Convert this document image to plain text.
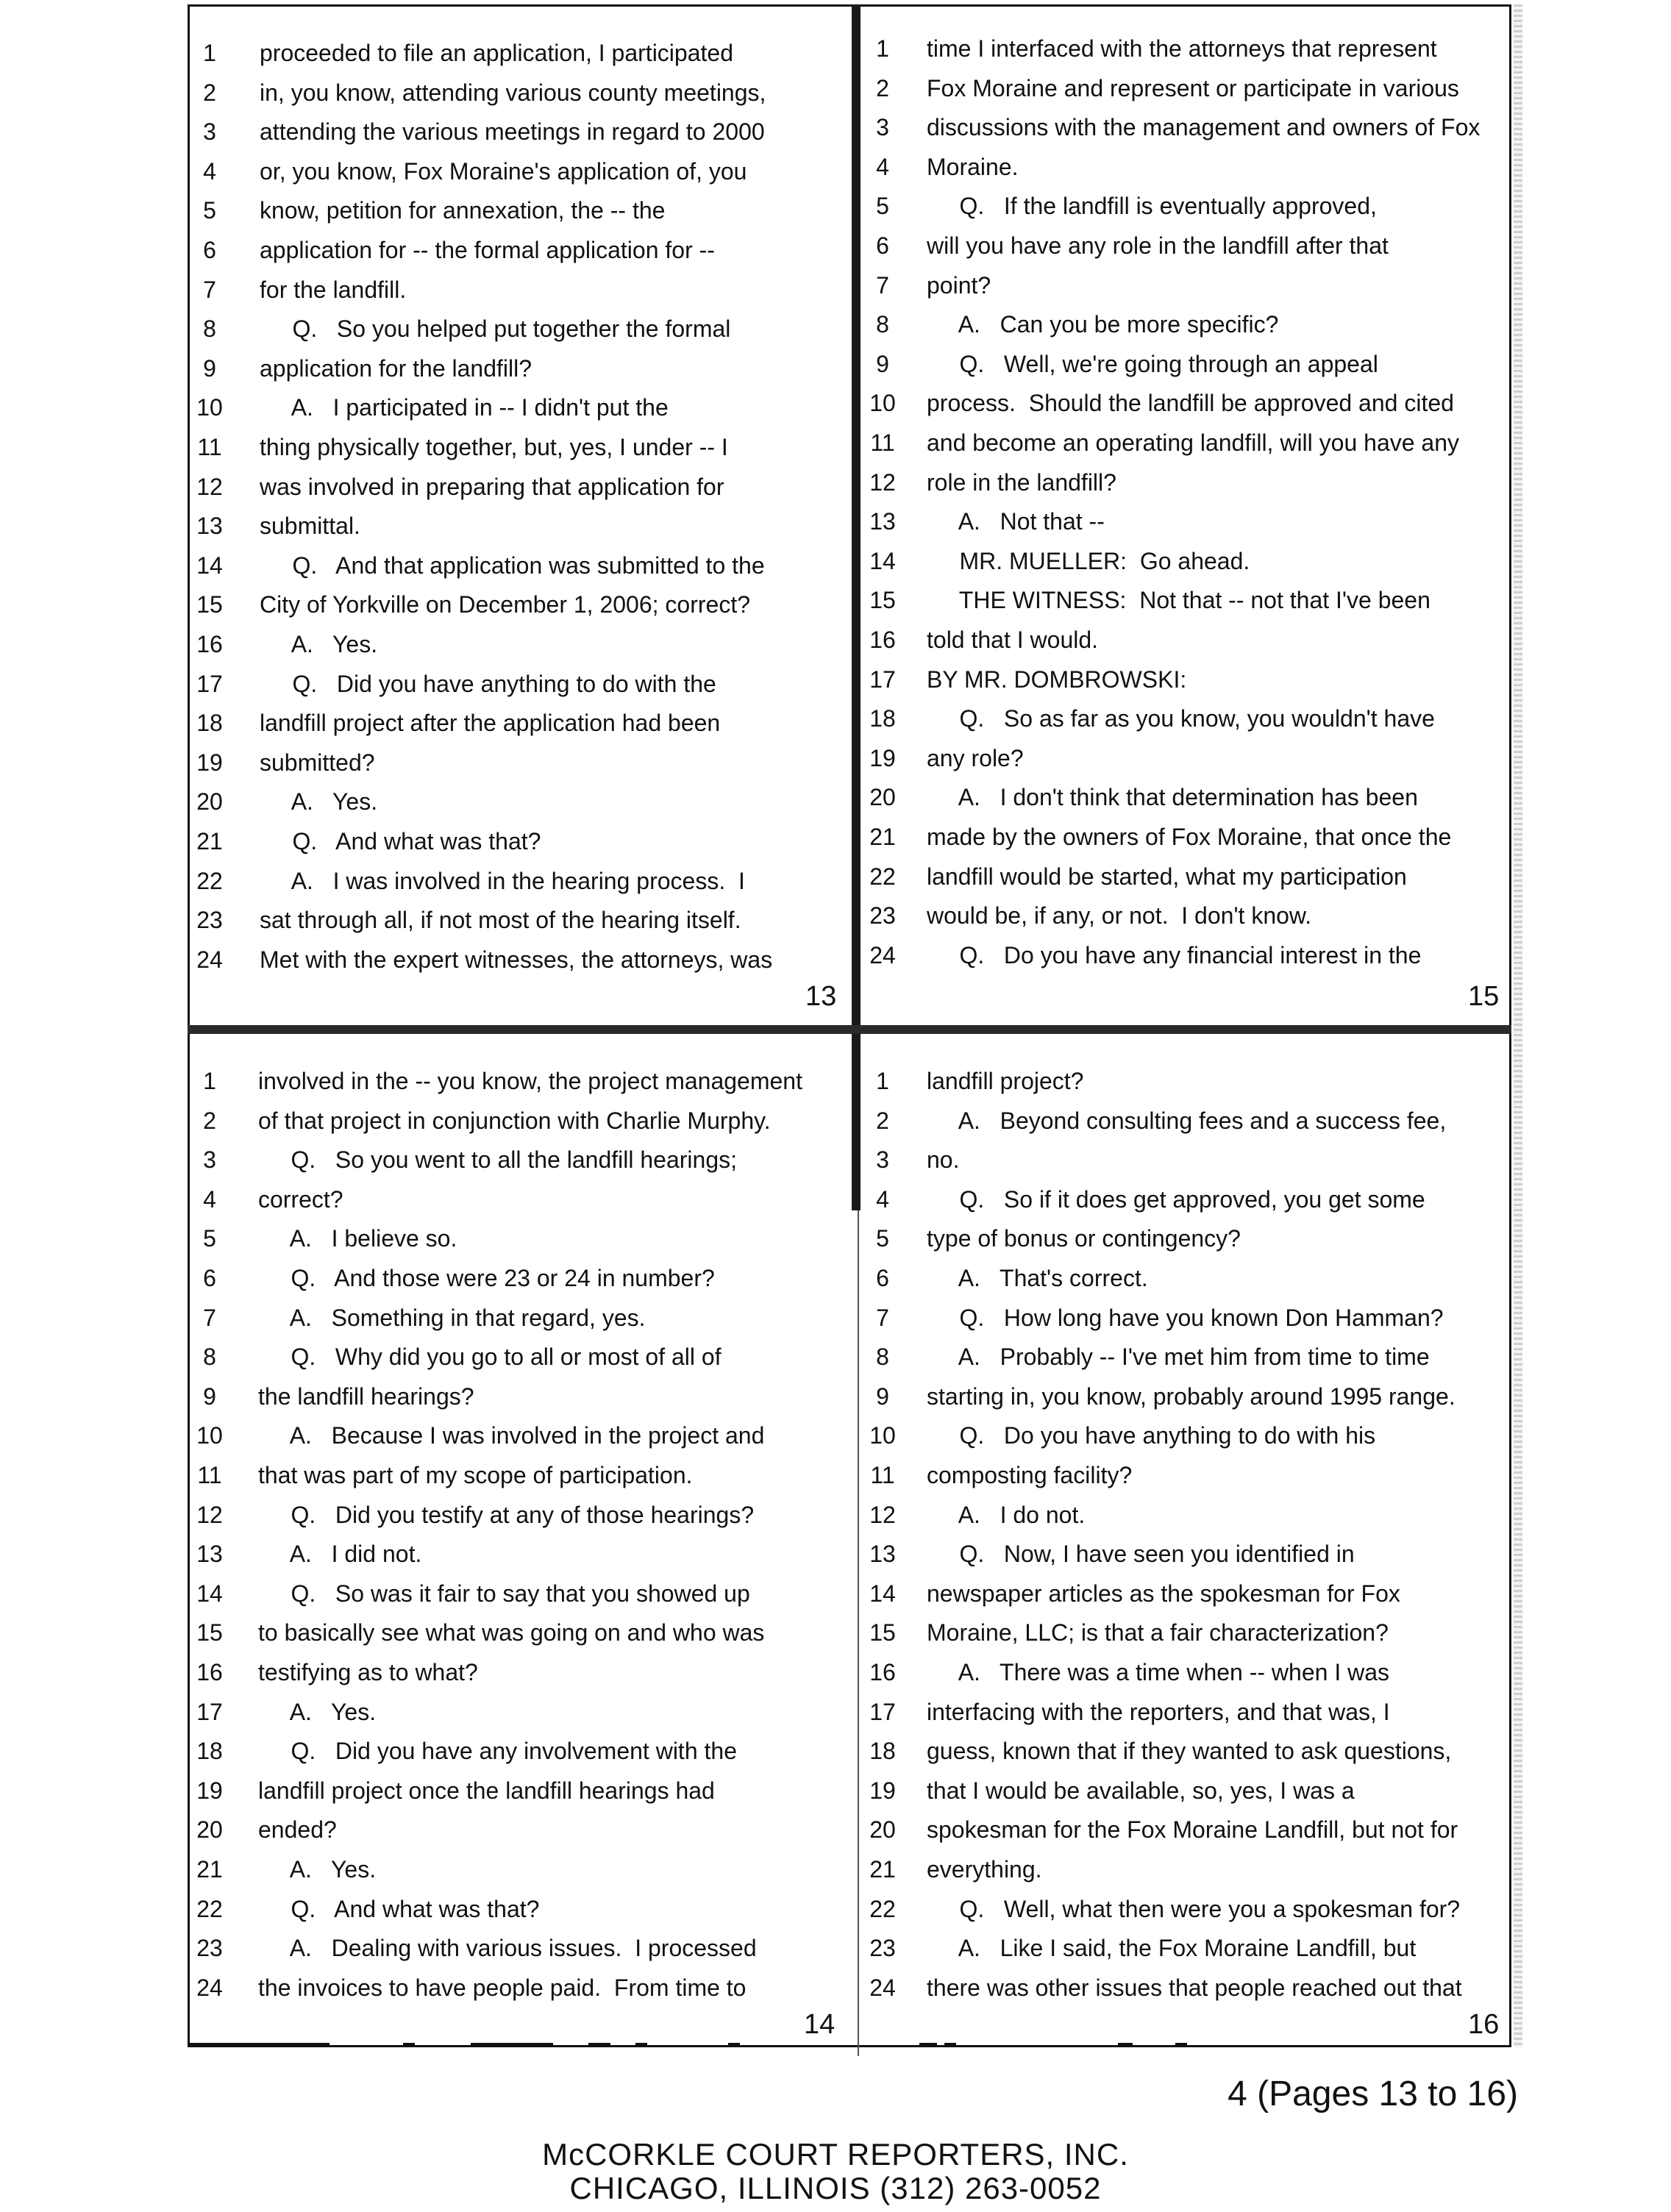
13
1	proceeded to file an application, I participated
2	in, you know, attending various county meetings,
3	attending the various meetings in regard to 2000
4	or, you know, Fox Moraine's application of, you
5	know, petition for annexation, the -- the
6	application for -- the formal application for --
7	for the landfill.
8	Q.   So you helped put together the formal
9	application for the landfill?
10	A.   I participated in -- I didn't put the
11	thing physically together, but, yes, I under -- I
12	was involved in preparing that application for
13	submittal.
14	Q.   And that application was submitted to the
15	City of Yorkville on December 1, 2006; correct?
16	A.   Yes.
17	Q.   Did you have anything to do with the
18	landfill project after the application had been
19	submitted?
20	A.   Yes.
21	Q.   And what was that?
22	A.   I was involved in the hearing process.  I
23	sat through all, if not most of the hearing itself.
24	Met with the expert witnesses, the attorneys, was
15
1	time I interfaced with the attorneys that represent
2	Fox Moraine and represent or participate in various
3	discussions with the management and owners of Fox
4	Moraine.
5	Q.   If the landfill is eventually approved,
6	will you have any role in the landfill after that
7	point?
8	A.   Can you be more specific?
9	Q.   Well, we're going through an appeal
10	process.  Should the landfill be approved and cited
11	and become an operating landfill, will you have any
12	role in the landfill?
13	A.   Not that --
14	MR. MUELLER:  Go ahead.
15	THE WITNESS:  Not that -- not that I've been
16	told that I would.
17	BY MR. DOMBROWSKI:
18	Q.   So as far as you know, you wouldn't have
19	any role?
20	A.   I don't think that determination has been
21	made by the owners of Fox Moraine, that once the
22	landfill would be started, what my participation
23	would be, if any, or not.  I don't know.
24	Q.   Do you have any financial interest in the
14
1	involved in the -- you know, the project management
2	of that project in conjunction with Charlie Murphy.
3	Q.   So you went to all the landfill hearings;
4	correct?
5	A.   I believe so.
6	Q.   And those were 23 or 24 in number?
7	A.   Something in that regard, yes.
8	Q.   Why did you go to all or most of all of
9	the landfill hearings?
10	A.   Because I was involved in the project and
11	that was part of my scope of participation.
12	Q.   Did you testify at any of those hearings?
13	A.   I did not.
14	Q.   So was it fair to say that you showed up
15	to basically see what was going on and who was
16	testifying as to what?
17	A.   Yes.
18	Q.   Did you have any involvement with the
19	landfill project once the landfill hearings had
20	ended?
21	A.   Yes.
22	Q.   And what was that?
23	A.   Dealing with various issues.  I processed
24	the invoices to have people paid.  From time to
16
1	landfill project?
2	A.   Beyond consulting fees and a success fee,
3	no.
4	Q.   So if it does get approved, you get some
5	type of bonus or contingency?
6	A.   That's correct.
7	Q.   How long have you known Don Hamman?
8	A.   Probably -- I've met him from time to time
9	starting in, you know, probably around 1995 range.
10	Q.   Do you have anything to do with his
11	composting facility?
12	A.   I do not.
13	Q.   Now, I have seen you identified in
14	newspaper articles as the spokesman for Fox
15	Moraine, LLC; is that a fair characterization?
16	A.   There was a time when -- when I was
17	interfacing with the reporters, and that was, I
18	guess, known that if they wanted to ask questions,
19	that I would be available, so, yes, I was a
20	spokesman for the Fox Moraine Landfill, but not for
21	everything.
22	Q.   Well, what then were you a spokesman for?
23	A.   Like I said, the Fox Moraine Landfill, but
24	there was other issues that people reached out that
4 (Pages 13 to 16)
McCORKLE COURT REPORTERS, INC.
CHICAGO, ILLINOIS (312) 263-0052
